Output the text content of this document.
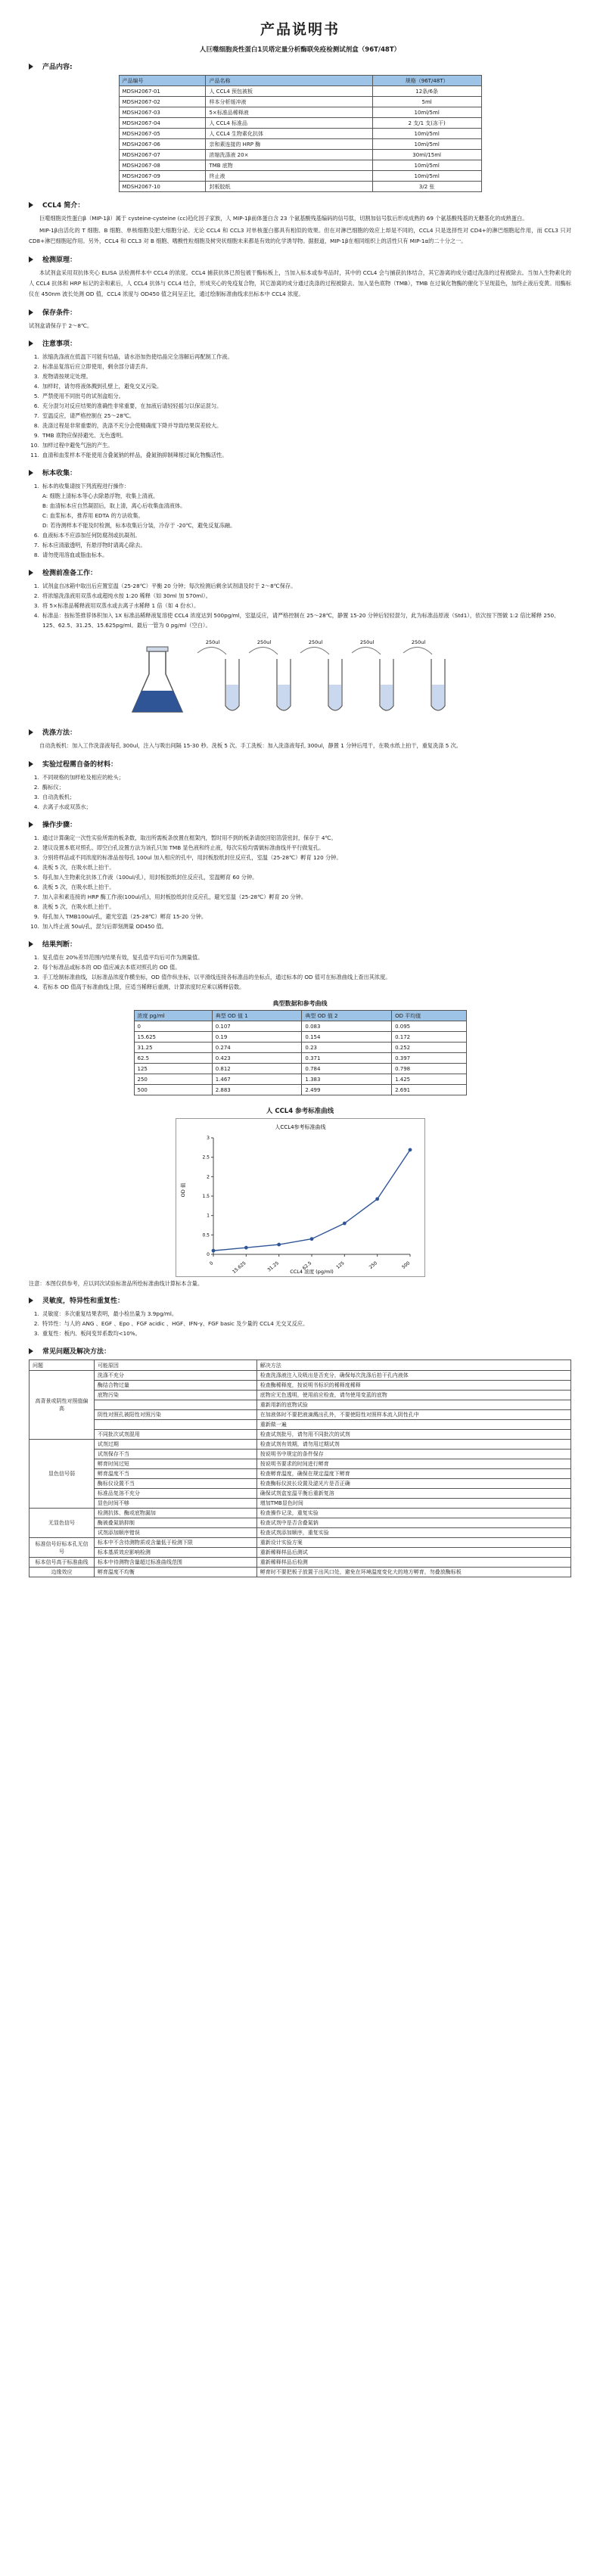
产品说明书
人巨噬细胞炎性蛋白1贝塔定量分析酶联免疫检测试剂盒（96T/48T）
产品内容:
产品编号	产品名称	规格（96T/48T）
MDSH2067-01	人 CCL4 预包被板	12条/6条
MDSH2067-02	样本分析缓冲液	5ml
MDSH2067-03	5×标准品稀释液	10ml/5ml
MDSH2067-04	人 CCL4 标准品	2 支/1 支(冻干)
MDSH2067-05	人 CCL4 生物素化抗体	10ml/5ml
MDSH2067-06	亲和素连接的 HRP 酶	10ml/5ml
MDSH2067-07	浓缩洗涤液 20×	30ml/15ml
MDSH2067-08	TMB 底物	10ml/5ml
MDSH2067-09	终止液	10ml/5ml
MDSH2067-10	封板胶纸	3/2 张
CCL4 简介：

巨噬细胞炎性蛋白β（MIP-1β）属于 cysteine-cysteine (cc)趋化因子家族，人 MIP-1β前体蛋白含 23 个氨基酸残基编码的信号肽，切割加信号肽后形成成熟的 69 个氨基酸残基的无糖基化的成熟蛋白。

MIP-1β由活化的 T 细胞、B 细胞、单核细胞及肥大细胞分泌。无论 CCL4 和 CCL3 对单核蛋白都具有相似的效果。但在对淋巴细胞的效应上却是不同的，CCL4 只是选择性对 CD4+的淋巴细胞起作用，而 CCL3 只对 CD8+淋巴细胞起作用。另外，CCL4 和 CCL3 对 B 细胞、嗜酸性粒细胞及树突状细胞未来都是有效的化学诱导物。据报道，MIP-1β在相同组织上的活性只有 MIP-1α的二十分之一。

检测原理：

本试剂盒采用双抗体夹心 ELISA 法检测样本中 CCL4 的浓度。CCL4 捕获抗体已预包被于酶标板上，当加入标本或参考品时，其中的 CCL4 会与捕获抗体结合，其它游离的成分通过洗涤的过程被除去。当加入生物素化的人 CCL4 抗体和 HRP 标记的亲和素后，人 CCL4 抗体与 CCL4 结合，形成夹心的免疫复合物，其它游离的成分通过洗涤的过程被除去。加入显色底物（TMB），TMB 在过氧化物酶的催化下呈现蓝色，加终止液后变黄。用酶标仪在 450nm 波长处测 OD 值，CCL4 浓度与 OD450 值之间呈正比，通过绘制标准曲线求出标本中 CCL4 浓度。

保存条件：

试剂盒请保存于 2～8℃。

注意事项：
1. 浓缩洗涤液在低温下可能有结晶，请水浴加热使结晶完全溶解后再配制工作液。
2. 标准品复溶后应立即使用，剩余部分请丢弃。
3. 废物请按规定处理。
4. 加样时，请勿将液体溅到孔壁上，避免交叉污染。
5. 严禁使用不同批号的试剂盒组分。
6. 充分混匀对反应结果的准确性非常重要，在加液后请轻轻摇匀以保证混匀。
7. 室温反应，请严格控制在 25～28℃。
8. 洗涤过程是非常重要的，洗涤不充分会使精确度下降并导致结果误差较大。
9. TMB 底物应保持避光、无色透明。
10. 加样过程中避免气泡的产生。
11. 血清和血浆样本不能使用含叠氮钠的样品，叠氮钠抑制辣根过氧化物酶活性。
标本收集：
1. 标本的收集请按下列流程进行操作：
A: 细胞上清标本等心去除悬浮物，收集上清液。
B: 血清标本应自然凝固后，取上清，离心后收集血清液体。
C: 血浆标本，推荐用 EDTA 的方法收集。
D: 若待测样本不能及时检测，标本收集后分装，冷存于 -20℃，避免反复冻融。
6. 血液标本不应添加任何防腐剂或抗凝剂。
7. 标本应清澈透明，有悬浮物时请离心除去。
8. 请勿使用溶血或脂血标本。
检测前准备工作：
1. 试剂盒自冰箱中取出后应置室温（25-28℃）平衡 20 分钟；每次检测后剩余试剂请及时于 2～8℃保存。
2. 将浓缩洗涤液用双蒸水或超纯水按 1:20 稀释（如 30ml 加 570ml）。
3. 将 5×标准品稀释液用双蒸水或去离子水稀释 1 倍（如 4 份水）。
4. 标准品：按标签推荐体积加入 1X 标准品稀释液复溶使 CCL4 浓度达到 500pg/ml，室温反应，请严格控制在 25～28℃，静置 15-20 分钟后轻轻混匀，此为标准品原液（Std1），依次按下图做 1:2 倍比稀释 250、125、62.5、31.25、15.625pg/ml。最后一管为 0 pg/ml（空白）。
250ul	250ul	250ul	250ul	250ul
洗涤方法：

自动洗板机：加入工作洗涤液每孔 300ul，注入与吸出间隔 15-30 秒。洗板 5 次。手工洗板：加入洗涤液每孔 300ul，静置 1 分钟后甩干，在吸水纸上拍干，重复洗涤 5 次。

实验过程需自备的材料：
1. 不同规格的加样枪及相应的枪头；
2. 酶标仪；
3. 自动洗板机；
4. 去离子水或双蒸水；
操作步骤：
1. 通过计算确定一次性实验所需的板条数，取出所需板条放置在框架内，暂时用不到的板条请放回铝箔袋密封，保存于 4℃。
2. 建议设置本底对照孔、即空白孔设置方法为该孔只加 TMB 显色液和终止液，每次实验均需做标准曲线并平行做复孔。
3. 分别将样品或不同浓度的标准品按每孔 100ul 加入相应的孔中，用封板胶纸封住反应孔，室温（25-28℃）孵育 120 分钟。
4. 洗板 5 次，在吸水纸上拍干。
5. 每孔加入生物素化抗体工作液（100ul/孔），用封板胶纸封住反应孔，室温孵育 60 分钟。
6. 洗板 5 次，在吸水纸上拍干。
7. 加入亲和素连接的 HRP 酶工作液(100ul/孔)，用封板胶纸封住反应孔，避光室温（25-28℃）孵育 20 分钟。
8. 洗板 5 次，在吸水纸上拍干。
9. 每孔加入 TMB100ul/孔，避光室温（25-28℃）孵育 15-20 分钟。
10. 加入终止液 50ul/孔，混匀后即刻测量 OD450 值。
结果判断：
1. 复孔值在 20%差异范围内结果有效，复孔值平均后可作为测量值。
2. 每个标准品或标本的 OD 值应减去本底对照孔的 OD 值。
3. 手工绘制标准曲线，以标准品浓度作横坐标，OD 值作纵坐标，以平滑线连接各标准品的坐标点，通过标本的 OD 值可在标准曲线上查出其浓度。
4. 若标本 OD 值高于标准曲线上限，应适当稀释后重测，计算浓度时应乘以稀释倍数。
典型数据和参考曲线
浓度 pg/ml	典型 OD 值 1	典型 OD 值 2	OD 平均值
0	0.107	0.083	0.095
15.625	0.19	0.154	0.172
31.25	0.274	0.23	0.252
62.5	0.423	0.371	0.397
125	0.812	0.784	0.798
250	1.467	1.383	1.425
500	2.883	2.499	2.691
人 CCL4 参考标准曲线
人CCL4参考标准曲线
OD 值
CCL4 浓度 (pg/ml)
0
0.5
1
1.5
2
2.5
3
0	15.625	31.25	62.5	125	250	500
注意：本图仅供参考，应以同次试验标准品所绘标准曲线计算标本含量。
灵敏度，特异性和重复性：
1. 灵敏度：多次重复结果表明，最小检出量为 3.9pg/ml。
2. 特异性：与人的 ANG 、EGF 、Epo 、FGF acidic 、HGF、IFN-γ、FGF basic 及少量的 CCL4 无交叉反应。
3. 重复性：板内、板间变异系数均<10%。
常见问题及解决方法：
问题	可能原因	解决方法
高背景或阴性对照值偏高	洗涤不充分	检查洗涤液注入及吸出是否充分，确保每次洗涤后拍干孔内液体
	酶结合物过量	检查酶稀释度，按说明书标识的稀释度稀释
	底物污染	底物应无色透明，使用前应检查，请勿使用变蓝的底物
		重新用新的底物试验
	阴性对照孔被阳性对照污染	在加液体时不要把液滴溅出孔外，不要使阳性对照样本流入阴性孔中
		重新做一遍
	不同批次试剂混用	检查试剂批号，请勿用不同批次的试剂
显色信号弱	试剂过期	检查试剂有效期，请勿用过期试剂
	试剂保存不当	按说明书中规定的条件保存
	孵育时间过短	按说明书要求的时间进行孵育
	孵育温度不当	检查孵育温度，确保在规定温度下孵育
	酶标仪设置不当	检查酶标仪波长设置及滤光片是否正确
	标准品复溶不充分	确保试剂盒室温平衡后重新复溶
	显色时间不够	增加TMB显色时间
无显色信号	检测抗体、酶或底物漏加	检查操作记录，重复实验
	酶被叠氮钠抑制	检查试剂中是否含叠氮钠
	试剂添加顺序错误	检查试剂添加顺序，重复实验
标准信号好标本孔无信号	标本中不含待测物质或含量低于检测下限	重新设计实验方案
	标本基质效应影响检测	重新稀释样品后测试
标本信号高于标准曲线	标本中待测物含量超过标准曲线范围	重新稀释样品后检测
边缘效应	孵育温度不均衡	孵育时不要把板子放置于出风口处，避免在环境温度变化大的地方孵育，勿叠放酶标板
